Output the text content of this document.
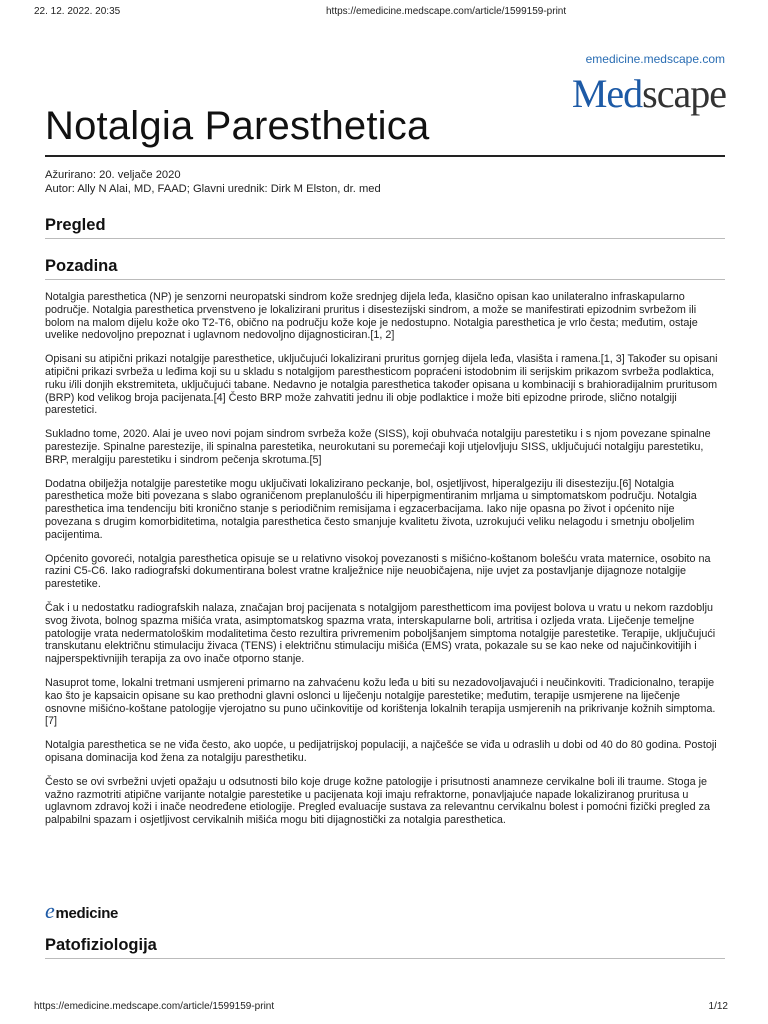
22. 12. 2022. 20:35	https://emedicine.medscape.com/article/1599159-print
emedicine.medscape.com
Medscape
Notalgia Paresthetica
Ažurirano: 20. veljače 2020
Autor: Ally N Alai, MD, FAAD; Glavni urednik: Dirk M Elston, dr. med
Pregled
Pozadina

Notalgia paresthetica (NP) je senzorni neuropatski sindrom kože srednjeg dijela leđa, klasično opisan kao unilateralno infraskapularno područje. Notalgia paresthetica prvenstveno je lokalizirani pruritus i disestezijski sindrom, a može se manifestirati epizodnim svrbežom ili bolom na malom dijelu kože oko T2-T6, obično na području kože koje je nedostupno. Notalgia paresthetica je vrlo česta; međutim, ostaje uvelike nedovoljno prepoznat i uglavnom nedovoljno dijagnosticiran.[1, 2]

Opisani su atipični prikazi notalgije paresthetice, uključujući lokalizirani pruritus gornjeg dijela leđa, vlasišta i ramena.[1, 3] Također su opisani atipični prikazi svrbeža u leđima koji su u skladu s notalgijom paresthesticom popraćeni istodobnim ili serijskim prikazom svrbeža podlaktica, ruku i/ili donjih ekstremiteta, uključujući tabane. Nedavno je notalgia paresthetica također opisana u kombinaciji s brahioradijalnim pruritusom (BRP) kod velikog broja pacijenata.[4] Često BRP može zahvatiti jednu ili obje podlaktice i može biti epizodne prirode, slično notalgiji parestetici.

Sukladno tome, 2020. Alai je uveo novi pojam sindrom svrbeža kože (SISS), koji obuhvaća notalgiju parestetiku i s njom povezane spinalne parestezije. Spinalne parestezije, ili spinalna parestetika, neurokutani su poremećaji koji utjelovljuju SISS, uključujući notalgiju parestetiku, BRP, meralgiju parestetiku i sindrom pečenja skrotuma.[5]

Dodatna obilježja notalgije parestetike mogu uključivati lokalizirano peckanje, bol, osjetljivost, hiperalgeziju ili disesteziju.[6] Notalgia paresthetica može biti povezana s slabo ograničenom preplanulošću ili hiperpigmentiranim mrljama u simptomatskom području. Notalgia paresthetica ima tendenciju biti kronično stanje s periodičnim remisijama i egzacerbacijama. Iako nije opasna po život i općenito nije povezana s drugim komorbiditetima, notalgia paresthetica često smanjuje kvalitetu života, uzrokujući veliku nelagodu i smetnju oboljelim pacijentima.

Općenito govoreći, notalgia paresthetica opisuje se u relativno visokoj povezanosti s mišićno-koštanom bolešću vrata maternice, osobito na razini C5-C6. Iako radiografski dokumentirana bolest vratne kralježnice nije neuobičajena, nije uvjet za postavljanje dijagnoze notalgije parestetike.

Čak i u nedostatku radiografskih nalaza, značajan broj pacijenata s notalgijom paresthetticom ima povijest bolova u vratu u nekom razdoblju svog života, bolnog spazma mišića vrata, asimptomatskog spazma vrata, interskapularne boli, artritisa i ozljeda vrata. Liječenje temeljne patologije vrata nedermatološkim modalitetima često rezultira privremenim poboljšanjem simptoma notalgije parestetike. Terapije, uključujući transkutanu električnu stimulaciju živaca (TENS) i električnu stimulaciju mišića (EMS) vrata, pokazale su se kao neke od najučinkovitijih i najperspektivnijih terapija za ovo inače otporno stanje.

Nasuprot tome, lokalni tretmani usmjereni primarno na zahvaćenu kožu leđa u biti su nezadovoljavajući i neučinkoviti. Tradicionalno, terapije kao što je kapsaicin opisane su kao prethodni glavni oslonci u liječenju notalgije parestetike; međutim, terapije usmjerene na liječenje osnovne mišićno-koštane patologije vjerojatno su puno učinkovitije od korištenja lokalnih terapija usmjerenih na prikrivanje kožnih simptoma.[7]

Notalgia paresthetica se ne viđa često, ako uopće, u pedijatrijskoj populaciji, a najčešće se viđa u odraslih u dobi od 40 do 80 godina. Postoji opisana dominacija kod žena za notalgiju paresthetiku.

Često se ovi svrbežni uvjeti opažaju u odsutnosti bilo koje druge kožne patologije i prisutnosti anamneze cervikalne boli ili traume. Stoga je važno razmotriti atipične varijante notalgie parestetike u pacijenata koji imaju refraktorne, ponavljajuće napade lokaliziranog pruritusa u uglavnom zdravoj koži i inače neodređene etiologije. Pregled evaluacije sustava za relevantnu cervikalnu bolest i pomoćni fizički pregled za palpabilni spazam i osjetljivost cervikalnih mišića mogu biti dijagnostički za notalgia paresthetica.

emedicine
Patofiziologija
https://emedicine.medscape.com/article/1599159-print	1/12
